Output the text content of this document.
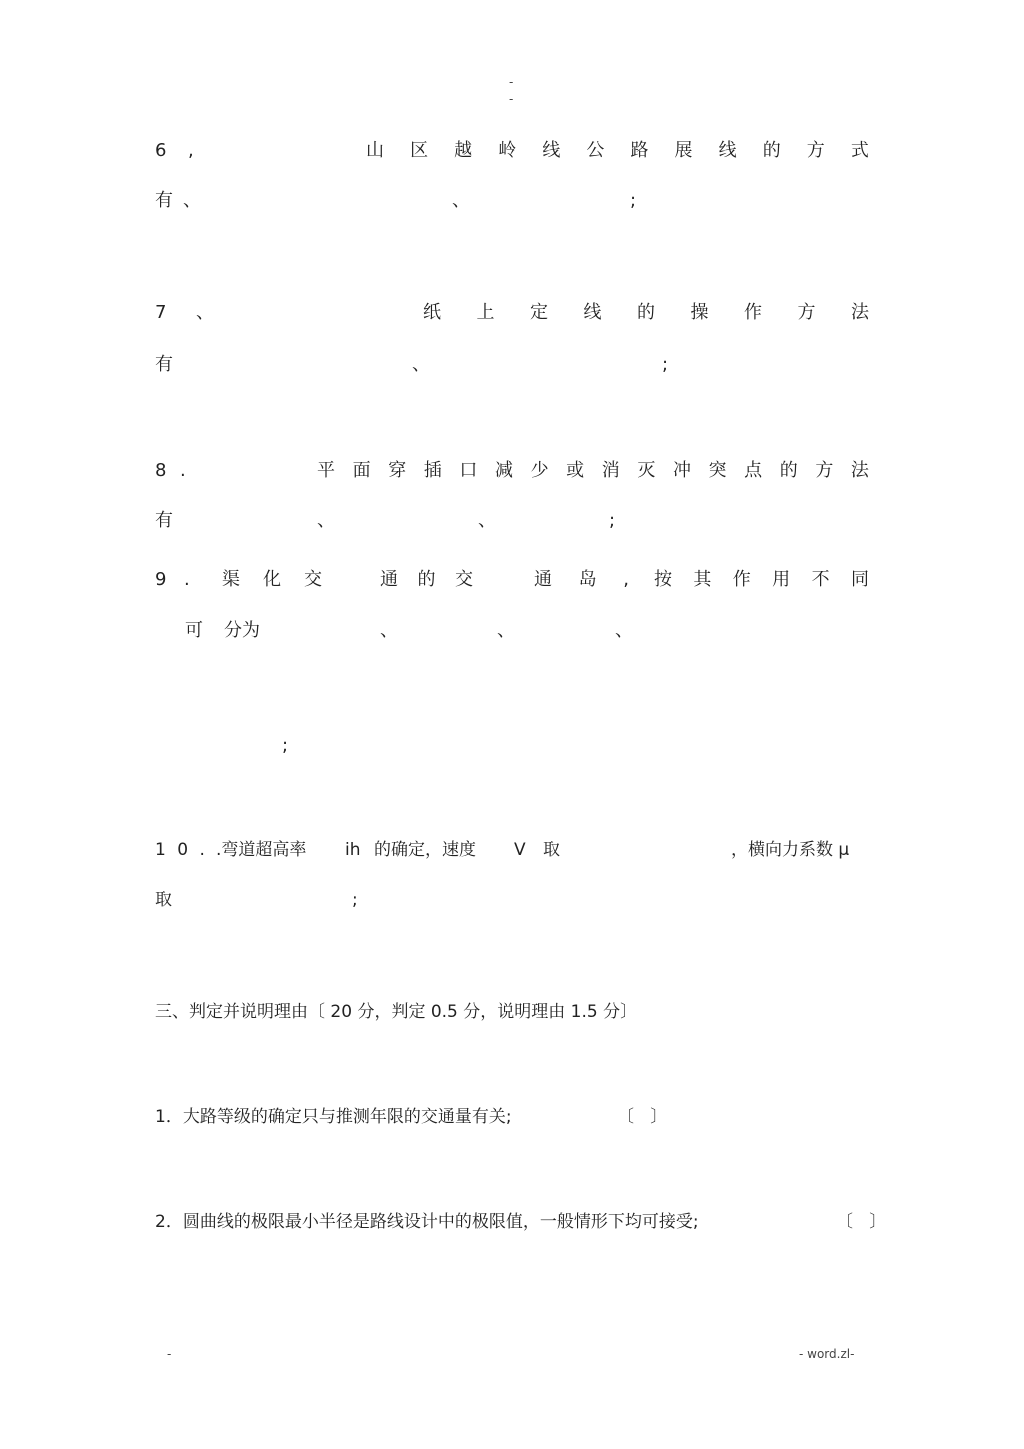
-
-
6 ,	山 区 越 岭 线 公 路 展 线 的 方 式
有 、	、	;
7 、	纸 上 定 线 的 操 作 方 法
有	、	;
8 .	平 面 穿 插 口 减 少 或 消 灭 冲 突 点 的 方 法
有	、	、	;
9 . 渠 化 交	通 的 交	通 岛 , 按 其 作 用 不 同
可 分为	、	、	、
;
1 0 . .弯道超高率 ih 的确定，速度 V 取	，横向力系数 μ
取	;
三、判定并说明理由〔 20 分，判定 0.5 分，说明理由 1.5 分〕
1．大路等级的确定只与推测年限的交通量有关;	〔   〕
2．圆曲线的极限最小半径是路线设计中的极限值，一般情形下均可接受;	〔   〕
-	- word.zl-
